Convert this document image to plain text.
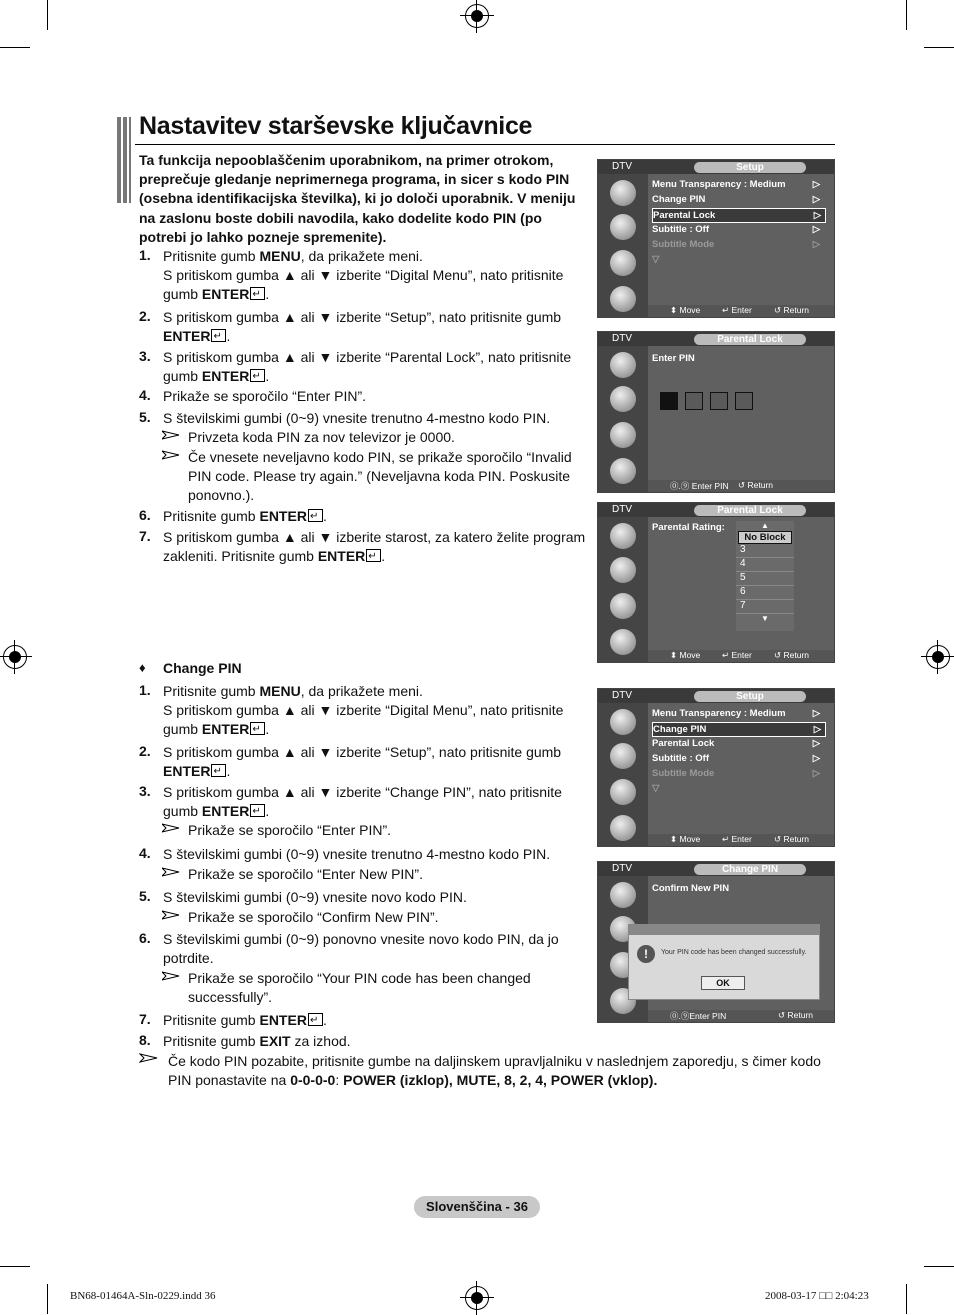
Nastavitev starševske ključavnice
Ta funkcija nepooblaščenim uporabnikom, na primer otrokom, preprečuje gledanje neprimernega programa, in sicer s kodo PIN (osebna identifikacijska številka), ki jo določi uporabnik. V meniju na zaslonu boste dobili navodila, kako dodelite kodo PIN (po potrebi jo lahko pozneje spremenite).
1. Pritisnite gumb MENU, da prikažete meni.
S pritiskom gumba ▲ ali ▼ izberite “Digital Menu”, nato pritisnite gumb ENTER ↵ .
2. S pritiskom gumba ▲ ali ▼ izberite “Setup”, nato pritisnite gumb ENTER ↵ .
3. S pritiskom gumba ▲ ali ▼ izberite “Parental Lock”, nato pritisnite gumb ENTER ↵ .
4. Prikaže se sporočilo “Enter PIN”.
5. S številskimi gumbi (0~9) vnesite trenutno 4-mestno kodo PIN.
Privzeta koda PIN za nov televizor je 0000.
Če vnesete neveljavno kodo PIN, se prikaže sporočilo “Invalid PIN code. Please try again.” (Neveljavna koda PIN. Poskusite ponovno.).
6. Pritisnite gumb ENTER ↵ .
7. S pritiskom gumba ▲ ali ▼ izberite starost, za katero želite program zakleniti. Pritisnite gumb ENTER ↵ .
♦ Change PIN
1. Pritisnite gumb MENU, da prikažete meni.
S pritiskom gumba ▲ ali ▼ izberite “Digital Menu”, nato pritisnite gumb ENTER ↵ .
2. S pritiskom gumba ▲ ali ▼ izberite “Setup”, nato pritisnite gumb ENTER ↵ .
3. S pritiskom gumba ▲ ali ▼ izberite “Change PIN”, nato pritisnite gumb ENTER ↵ .
Prikaže se sporočilo “Enter PIN”.
4. S številskimi gumbi (0~9) vnesite trenutno 4-mestno kodo PIN.
Prikaže se sporočilo “Enter New PIN”.
5. S številskimi gumbi (0~9) vnesite novo kodo PIN.
Prikaže se sporočilo “Confirm New PIN”.
6. S številskimi gumbi (0~9) ponovno vnesite novo kodo PIN, da jo potrdite.
Prikaže se sporočilo “Your PIN code has been changed successfully”.
7. Pritisnite gumb ENTER ↵ .
8. Pritisnite gumb EXIT za izhod.
Če kodo PIN pozabite, pritisnite gumbe na daljinskem upravljalniku v naslednjem zaporedju, s čimer kodo PIN ponastavite na 0-0-0-0: POWER (izklop), MUTE, 8, 2, 4, POWER (vklop).
DTV	Setup
Menu Transparency : Medium	▷
Change PIN	▷
Parental Lock	▷
Subtitle : Off	▷
Subtitle Mode	▷
▽
⬍ Move	↵ Enter	↺ Return
DTV	Parental Lock
Enter PIN
⓪.⑨ Enter PIN ↺ Return
DTV	Parental Lock
Parental Rating:	▲
No Block
3
4
5
6
7
▼
⬍ Move	↵ Enter	↺ Return
DTV	Setup
Menu Transparency : Medium	▷
Change PIN	▷
Parental Lock	▷
Subtitle : Off	▷
Subtitle Mode	▷
▽
⬍ Move	↵ Enter	↺ Return
DTV	Change PIN
Confirm New PIN
⓪.⑨Enter PIN	↺ Return
!	Your PIN code has been changed successfully.
OK
Slovenščina - 36
BN68-01464A-Sln-0229.indd 36	2008-03-17 □□ 2:04:23
